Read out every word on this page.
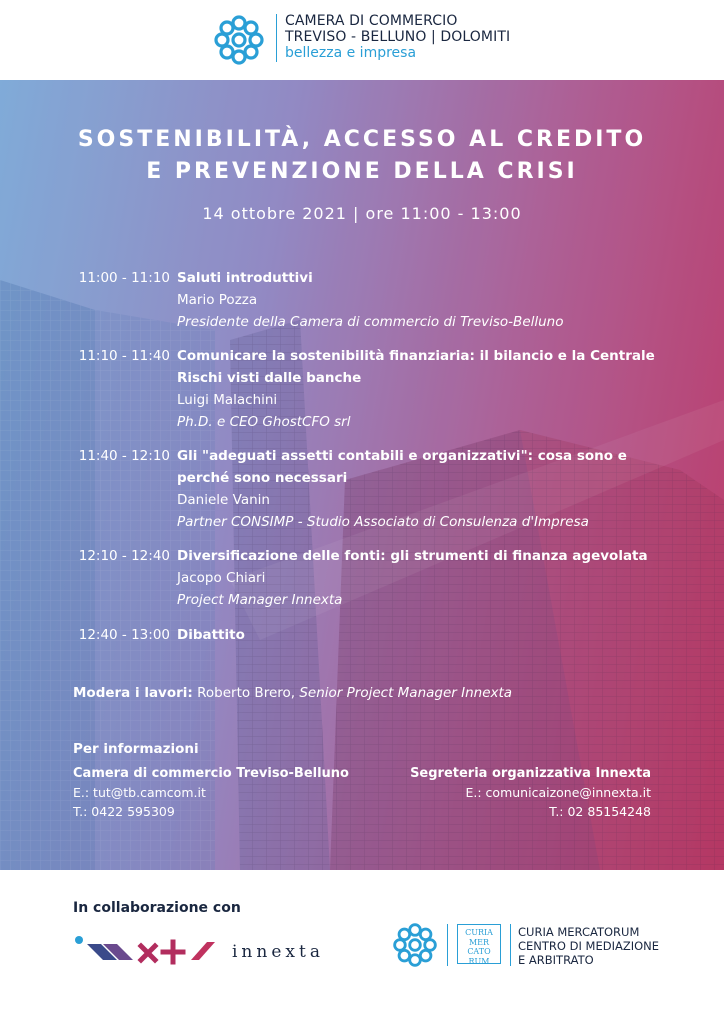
CAMERA DI COMMERCIO
TREVISO - BELLUNO | DOLOMITI
bellezza e impresa
SOSTENIBILITÀ, ACCESSO AL CREDITO
E PREVENZIONE DELLA CRISI
14 ottobre 2021 | ore 11:00 - 13:00
11:00 - 11:10 Saluti introduttivi
Mario Pozza
Presidente della Camera di commercio di Treviso-Belluno
11:10 - 11:40 Comunicare la sostenibilità finanziaria: il bilancio e la Centrale Rischi visti dalle banche
Luigi Malachini
Ph.D. e CEO GhostCFO srl
11:40 - 12:10 Gli "adeguati assetti contabili e organizzativi": cosa sono e perché sono necessari
Daniele Vanin
Partner CONSIMP - Studio Associato di Consulenza d'Impresa
12:10 - 12:40 Diversificazione delle fonti: gli strumenti di finanza agevolata
Jacopo Chiari
Project Manager Innexta
12:40 - 13:00 Dibattito
Modera i lavori: Roberto Brero, Senior Project Manager Innexta
Per informazioni
Camera di commercio Treviso-Belluno
E.: tut@tb.camcom.it
T.: 0422 595309
Segreteria organizzativa Innexta
E.: comunicaizone@innexta.it
T.: 02 85154248
In collaborazione con
innexta
CURIA
MER
CATO
RUM
CURIA MERCATORUM
CENTRO DI MEDIAZIONE
E ARBITRATO
